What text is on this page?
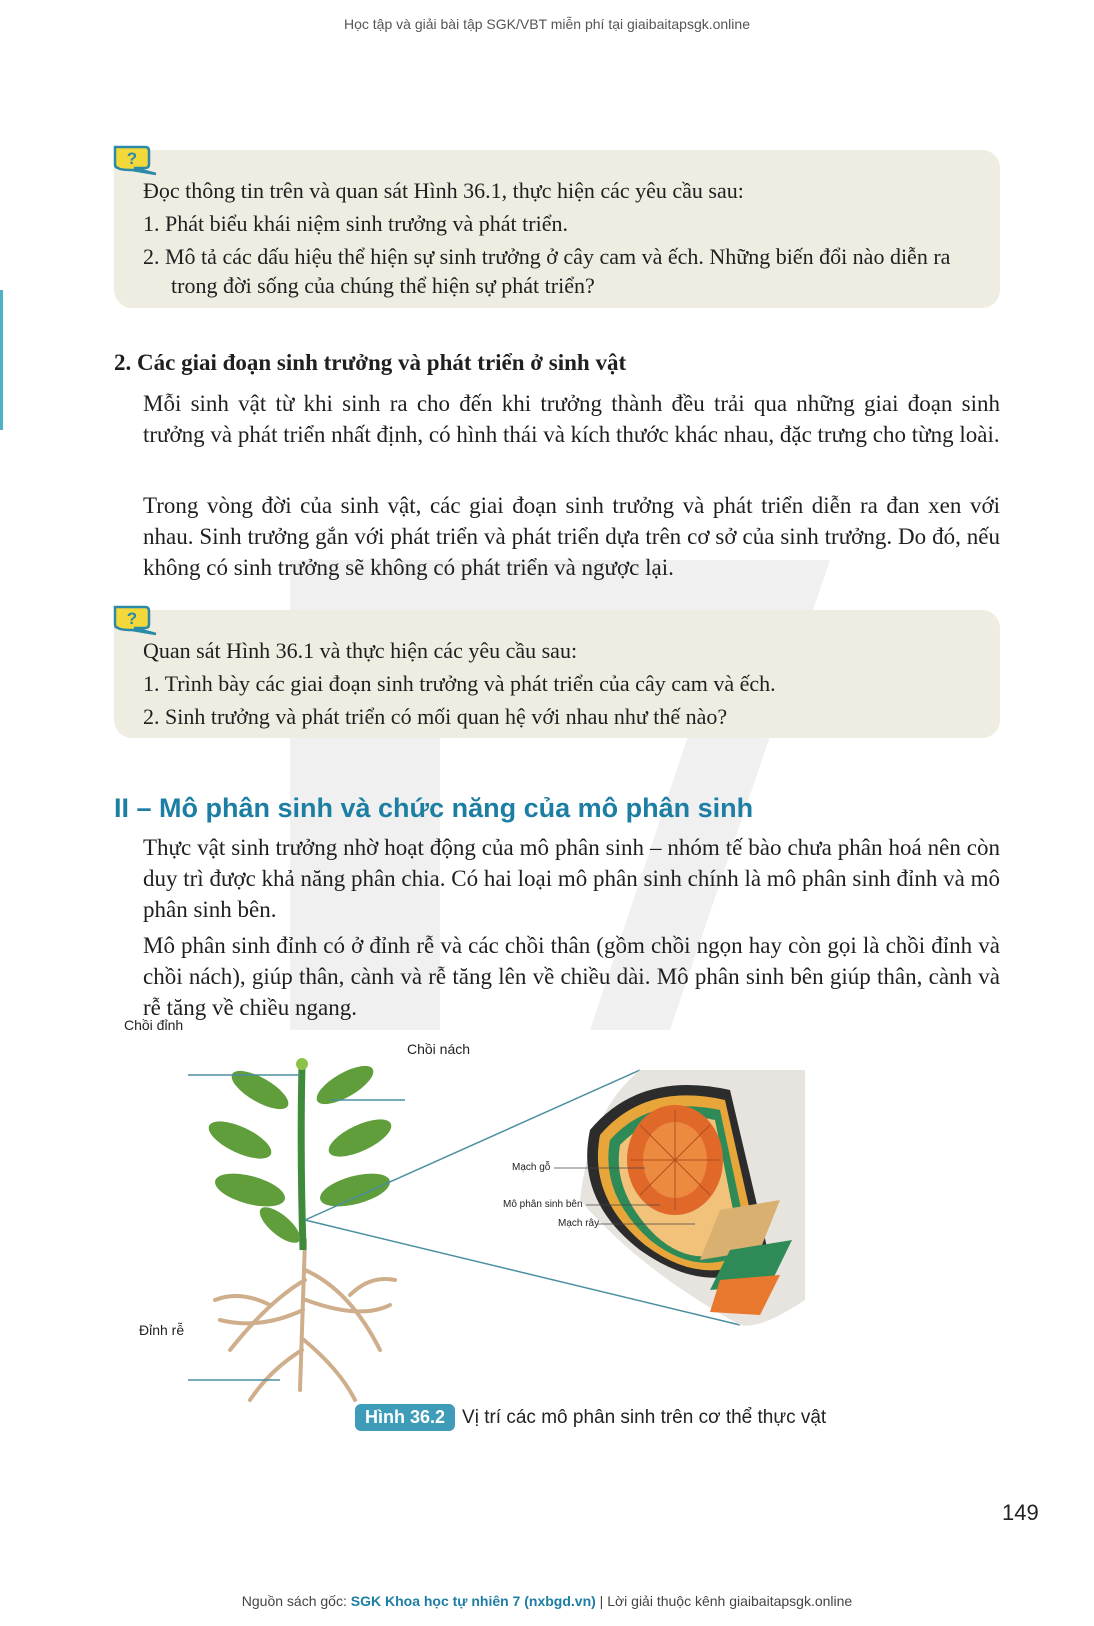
Học tập và giải bài tập SGK/VBT miễn phí tại giaibaitapsgk.online
?

Đọc thông tin trên và quan sát Hình 36.1, thực hiện các yêu cầu sau:

1. Phát biểu khái niệm sinh trưởng và phát triển.

2. Mô tả các dấu hiệu thể hiện sự sinh trưởng ở cây cam và ếch. Những biến đổi nào diễn ra trong đời sống của chúng thể hiện sự phát triển?

2. Các giai đoạn sinh trưởng và phát triển ở sinh vật

Mỗi sinh vật từ khi sinh ra cho đến khi trưởng thành đều trải qua những giai đoạn sinh trưởng và phát triển nhất định, có hình thái và kích thước khác nhau, đặc trưng cho từng loài.

Trong vòng đời của sinh vật, các giai đoạn sinh trưởng và phát triển diễn ra đan xen với nhau. Sinh trưởng gắn với phát triển và phát triển dựa trên cơ sở của sinh trưởng. Do đó, nếu không có sinh trưởng sẽ không có phát triển và ngược lại.

?

Quan sát Hình 36.1 và thực hiện các yêu cầu sau:

1. Trình bày các giai đoạn sinh trưởng và phát triển của cây cam và ếch.

2. Sinh trưởng và phát triển có mối quan hệ với nhau như thế nào?

II – Mô phân sinh và chức năng của mô phân sinh

Thực vật sinh trưởng nhờ hoạt động của mô phân sinh – nhóm tế bào chưa phân hoá nên còn duy trì được khả năng phân chia. Có hai loại mô phân sinh chính là mô phân sinh đỉnh và mô phân sinh bên.

Mô phân sinh đỉnh có ở đỉnh rễ và các chồi thân (gồm chồi ngọn hay còn gọi là chồi đỉnh và chồi nách), giúp thân, cành và rễ tăng lên về chiều dài. Mô phân sinh bên giúp thân, cành và rễ tăng về chiều ngang.

Chồi đỉnh
Chồi nách
Đỉnh rễ
Mạch gỗ
Mô phân sinh bên
Mạch rây
Hình 36.2 Vị trí các mô phân sinh trên cơ thể thực vật
149
Nguồn sách gốc: SGK Khoa học tự nhiên 7 (nxbgd.vn) | Lời giải thuộc kênh giaibaitapsgk.online
